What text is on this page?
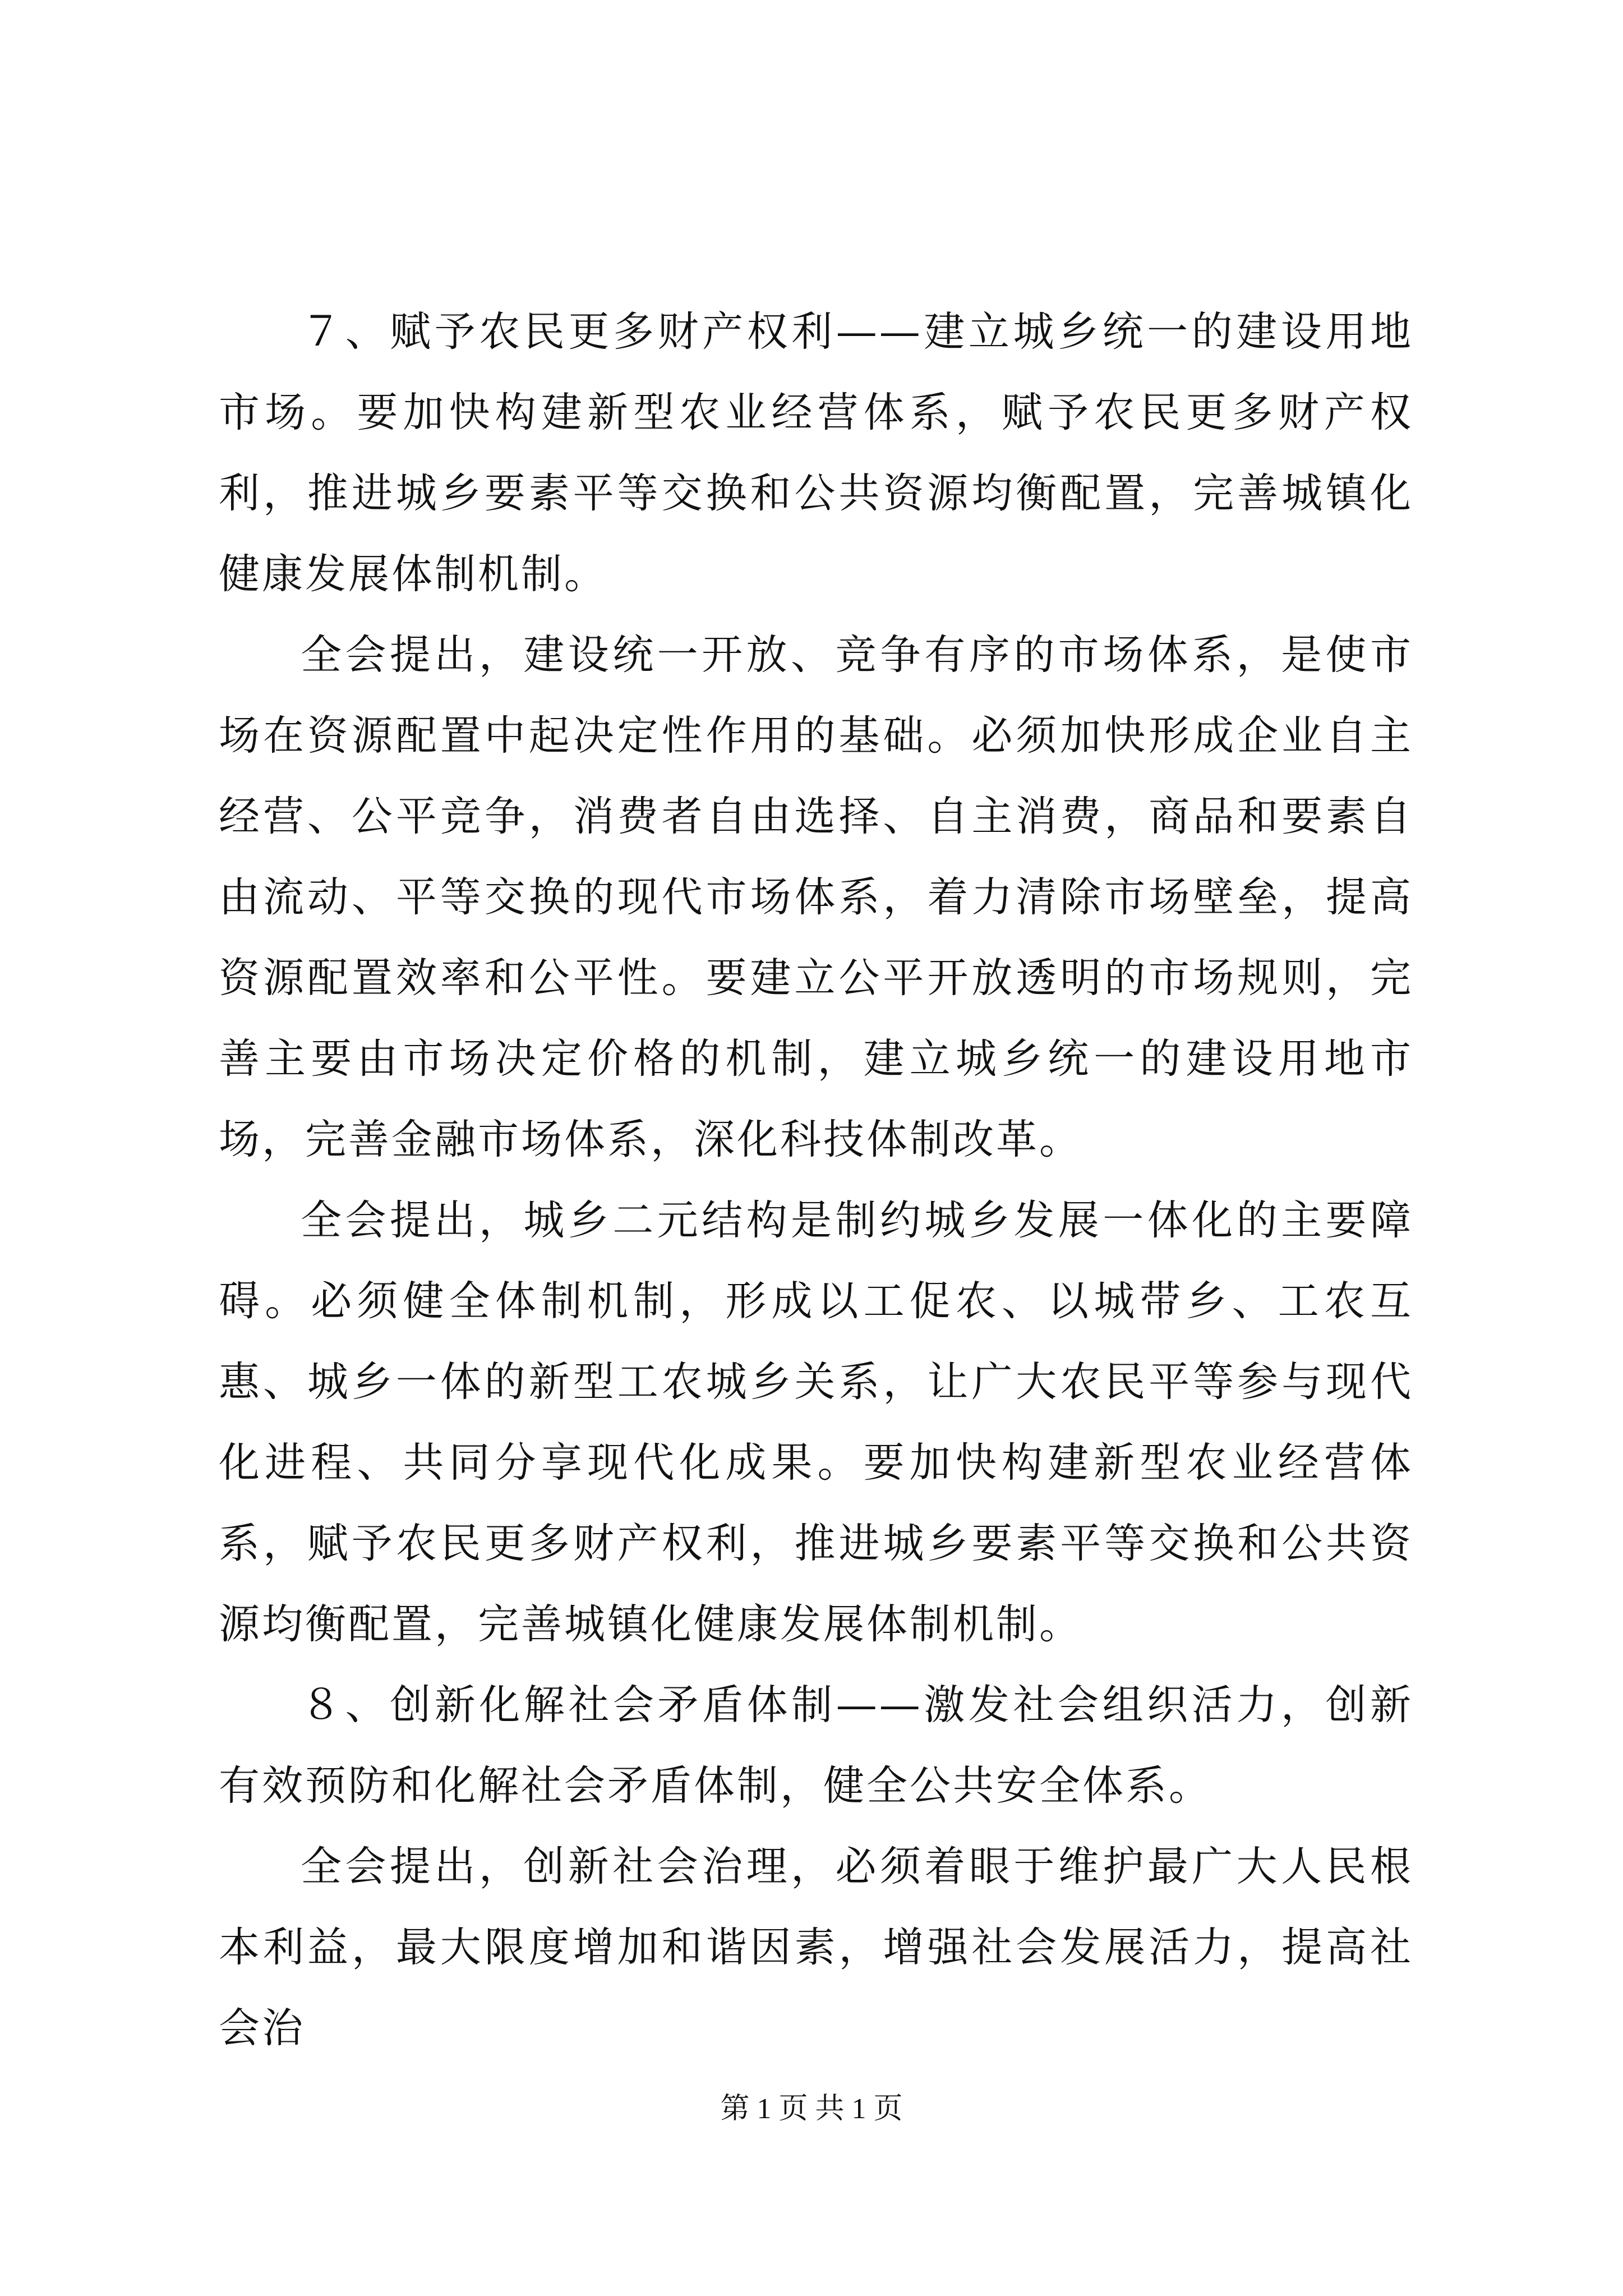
７、赋予农民更多财产权利——建立城乡统一的建设用地市场。要加快构建新型农业经营体系，赋予农民更多财产权利，推进城乡要素平等交换和公共资源均衡配置，完善城镇化健康发展体制机制。

全会提出，建设统一开放、竞争有序的市场体系，是使市场在资源配置中起决定性作用的基础。必须加快形成企业自主经营、公平竞争，消费者自由选择、自主消费，商品和要素自由流动、平等交换的现代市场体系，着力清除市场壁垒，提高资源配置效率和公平性。要建立公平开放透明的市场规则，完善主要由市场决定价格的机制，建立城乡统一的建设用地市场，完善金融市场体系，深化科技体制改革。

全会提出，城乡二元结构是制约城乡发展一体化的主要障碍。必须健全体制机制，形成以工促农、以城带乡、工农互惠、城乡一体的新型工农城乡关系，让广大农民平等参与现代化进程、共同分享现代化成果。要加快构建新型农业经营体系，赋予农民更多财产权利，推进城乡要素平等交换和公共资源均衡配置，完善城镇化健康发展体制机制。

８、创新化解社会矛盾体制——激发社会组织活力，创新有效预防和化解社会矛盾体制，健全公共安全体系。

全会提出，创新社会治理，必须着眼于维护最广大人民根本利益，最大限度增加和谐因素，增强社会发展活力，提高社会治

第 1 页 共 1 页
